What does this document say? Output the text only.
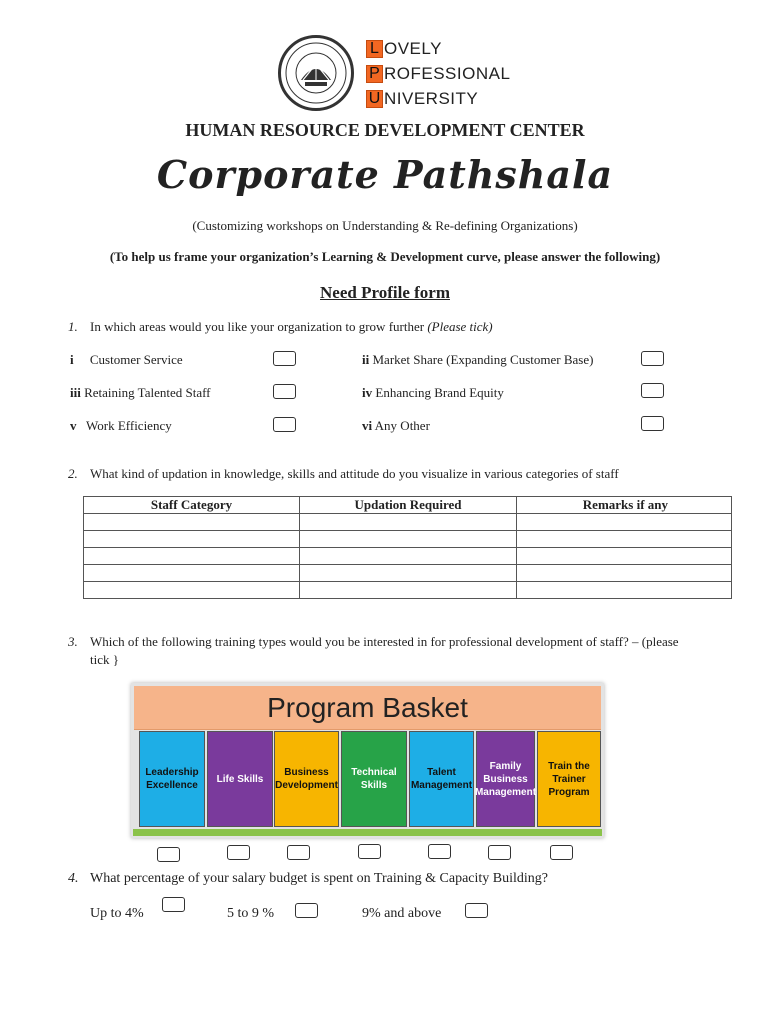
L OVELY
P ROFESSIONAL
U NIVERSITY
HUMAN RESOURCE DEVELOPMENT CENTER
Corporate Pathshala
(Customizing workshops on Understanding & Re-defining Organizations)
(To help us frame your organization’s Learning & Development curve, please answer the following)
Need Profile form
1. In which areas would you like your organization to grow further (Please tick)
i Customer Service	ii Market Share (Expanding Customer Base)
iii Retaining Talented Staff	iv Enhancing Brand Equity
v Work Efficiency	vi Any Other
2. What kind of updation in knowledge, skills and attitude do you visualize in various categories of staff
Staff Category	Updation Required	Remarks if any

3. Which of the following training types would you be interested in for professional development of staff? – (please
tick }
Program Basket
Leadership Excellence
Life Skills
Business Development
Technical Skills
Talent Management
Family Business Management
Train the Trainer Program
4. What percentage of your salary budget is spent on Training & Capacity Building?
Up to 4%	5 to 9 %	9% and above
